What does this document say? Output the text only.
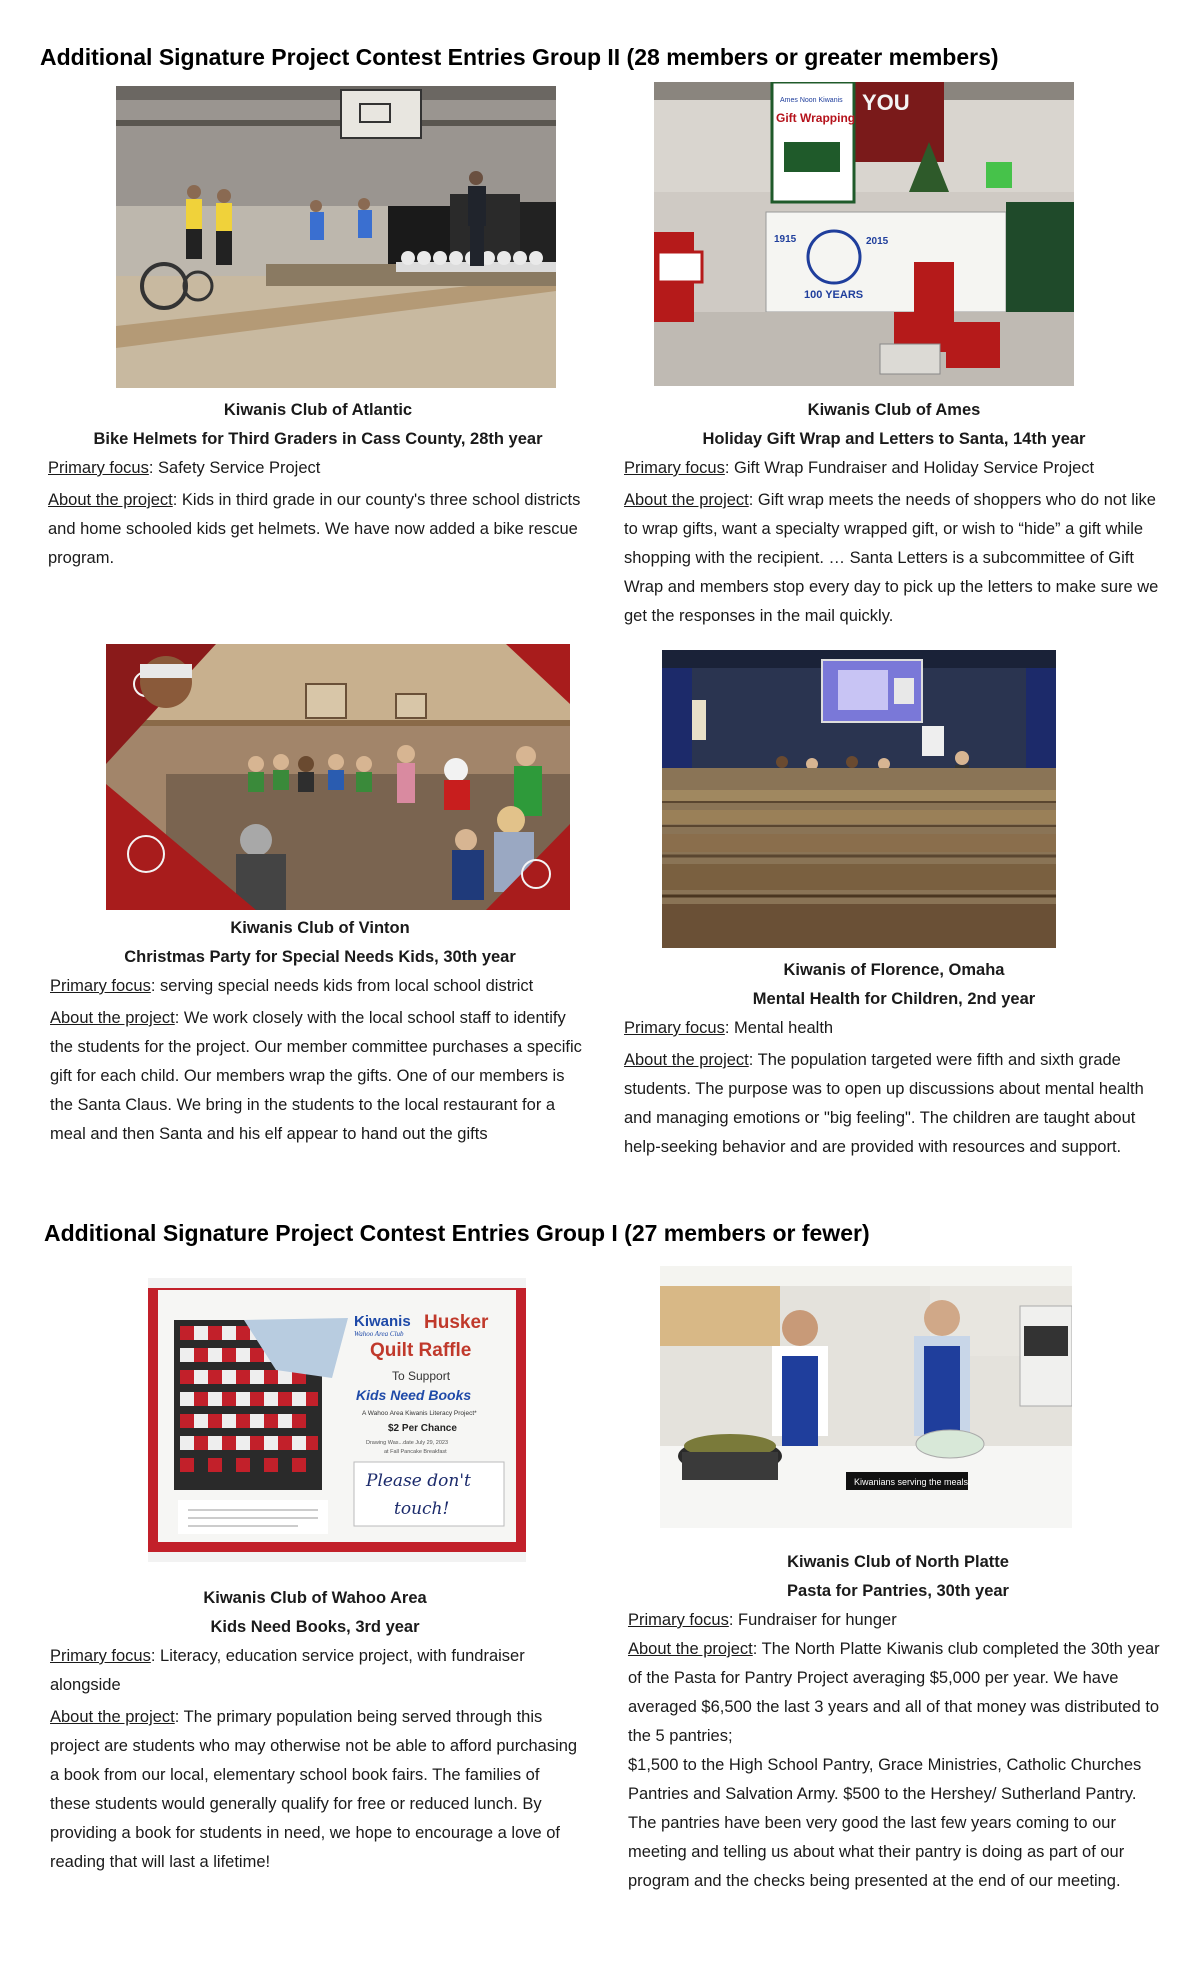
Additional Signature Project Contest Entries Group II (28 members or greater members)
YOU
Ames Noon Kiwanis
Gift Wrapping
1915	2015
100 YEARS
Kiwanis Club of Atlantic
Bike Helmets for Third Graders in Cass County, 28th year

Primary focus: Safety Service Project

About the project: Kids in third grade in our county's three school districts and home schooled kids get helmets. We have now added a bike rescue program.

Kiwanis Club of Ames
Holiday Gift Wrap and Letters to Santa, 14th year

Primary focus: Gift Wrap Fundraiser and Holiday Service Project

About the project: Gift wrap meets the needs of shoppers who do not like to wrap gifts, want a specialty wrapped gift, or wish to “hide” a gift while shopping with the recipient. … Santa Letters is a subcommittee of Gift Wrap and members stop every day to pick up the letters to make sure we get the responses in the mail quickly.

Kiwanis Club of Vinton
Christmas Party for Special Needs Kids, 30th year

Primary focus: serving special needs kids from local school district

About the project: We work closely with the local school staff to identify the students for the project. Our member committee purchases a specific gift for each child. Our members wrap the gifts. One of our members is the Santa Claus. We bring in the students to the local restaurant for a meal and then Santa and his elf appear to hand out the gifts

Kiwanis of Florence, Omaha
Mental Health for Children, 2nd year

Primary focus: Mental health

About the project: The population targeted were fifth and sixth grade students. The purpose was to open up discussions about mental health and managing emotions or "big feeling". The children are taught about help-seeking behavior and are provided with resources and support.

Additional Signature Project Contest Entries Group I (27 members or fewer)
Kiwanis
Wahoo Area Club
Husker
Quilt Raffle
To Support
Kids Need Books
A Wahoo Area Kiwanis Literacy Project*
$2 Per Chance
Drawing Was...date July 29, 2023
at Fall Pancake Breakfast
Please don't
touch!
Kiwanians serving the meals.
Kiwanis Club of Wahoo Area
Kids Need Books, 3rd year

Primary focus: Literacy, education service project, with fundraiser alongside

About the project: The primary population being served through this project are students who may otherwise not be able to afford purchasing a book from our local, elementary school book fairs. The families of these students would generally qualify for free or reduced lunch. By providing a book for students in need, we hope to encourage a love of reading that will last a lifetime!

Kiwanis Club of North Platte
Pasta for Pantries, 30th year

Primary focus: Fundraiser for hunger

About the project: The North Platte Kiwanis club completed the 30th year of the Pasta for Pantry Project averaging $5,000 per year. We have averaged $6,500 the last 3 years and all of that money was distributed to the 5 pantries;

$1,500 to the High School Pantry, Grace Ministries, Catholic Churches Pantries and Salvation Army. $500 to the Hershey/ Sutherland Pantry. The pantries have been very good the last few years coming to our meeting and telling us about what their pantry is doing as part of our program and the checks being presented at the end of our meeting.
